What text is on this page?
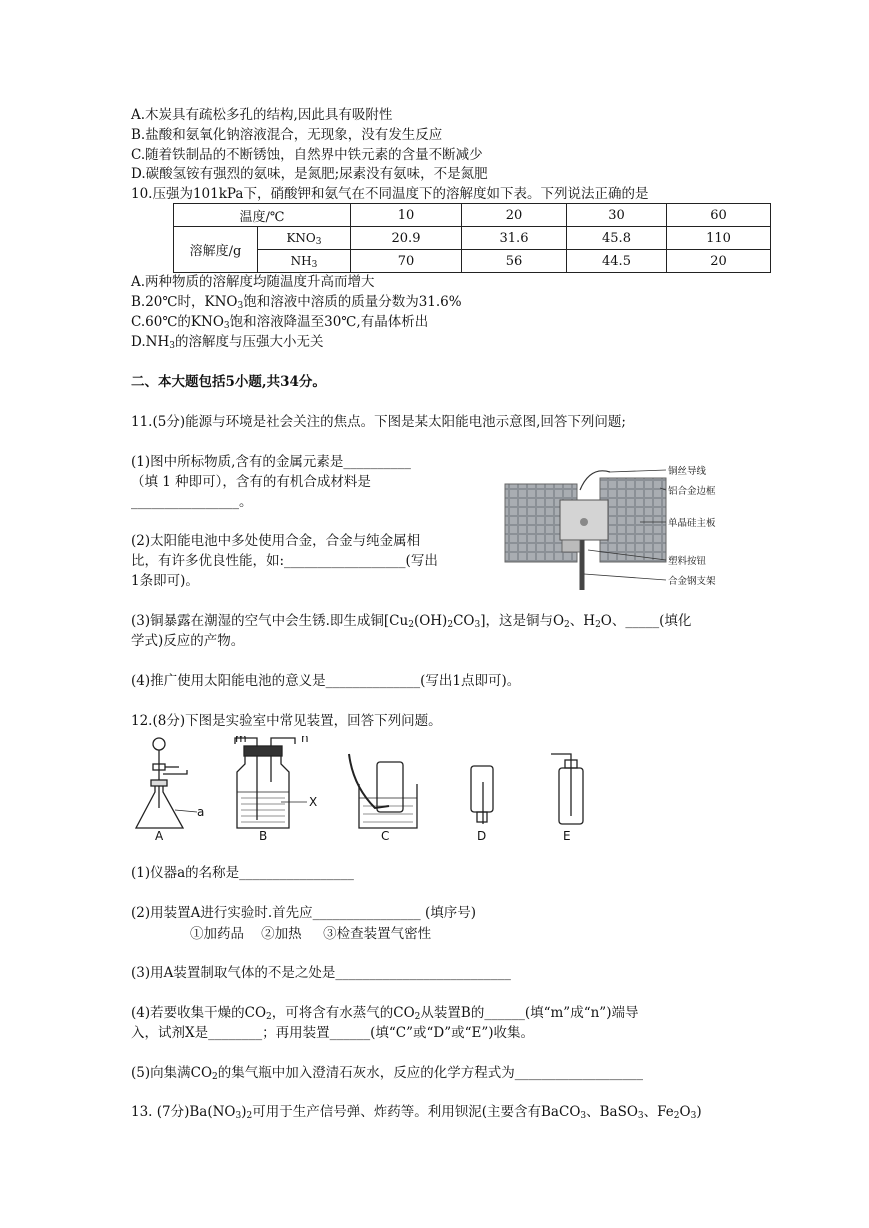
A.木炭具有疏松多孔的结构,因此具有吸附性
B.盐酸和氨氧化钠溶液混合，无现象，没有发生反应
C.随着铁制品的不断锈蚀，自然界中铁元素的含量不断减少
D.碳酸氢铵有强烈的氨味，是氮肥;尿素没有氨味，不是氮肥
10.压强为101kPa下，硝酸钾和氨气在不同温度下的溶解度如下表。下列说法正确的是
温度/℃		10	20	30	60
溶解度/g	$KNO_3$	20.9	31.6	45.8	110
	$NH_3$	70	56	44.5	20
A.两种物质的溶解度均随温度升高而增大
B.20℃时，$KNO_3$饱和溶液中溶质的质量分数为31.6%
C.60℃的$KNO_3$饱和溶液降温至30℃,有晶体析出
$D.NH_3$的溶解度与压强大小无关
二、本大题包括5小题,共34分。
11.(5分)能源与环境是社会关注的焦点。下图是某太阳能电池示意图,回答下列问题;
(1)图中所标物质,含有的金属元素是__________
（填 1 种即可），含有的有机合成材料是
________________。
(2)太阳能电池中多处使用合金，合金与纯金属相
比，有许多优良性能，如:__________________(写出
1条即可)。
铜丝导线
铝合金边框
单晶硅主板
塑料按钮
合金钢支架
(3)铜暴露在潮湿的空气中会生锈.即生成铜$[Cu_2(OH)_2CO_3]$，这是铜与$O_2$、$H_2O$、_____(填化
学式)反应的产物。
(4)推广使用太阳能电池的意义是______________(写出1点即可)。
12.(8分)下图是实验室中常见装置，回答下列问题。
a
m	n
X
A	B	C	D	E
(1)仪器a的名称是_________________
(2)用装置A进行实验时.首先应________________ (填序号)
①加药品    ②加热     ③检查装置气密性
(3)用A装置制取气体的不是之处是__________________________
(4)若要收集干燥的$CO_2$，可将含有水蒸气的$CO_2$从装置B的______(填“m”成“n”)端导
入，试剂X是________；再用装置______(填“C”或“D”或“E”)收集。
(5)向集满$CO_2$的集气瓶中加入澄清石灰水，反应的化学方程式为___________________
13. (7分)$Ba(NO_3)_2$可用于生产信号弹、炸药等。利用钡泥(主要含有BaCO$_3$、BaSO$_3$、$Fe_2O_3$)
